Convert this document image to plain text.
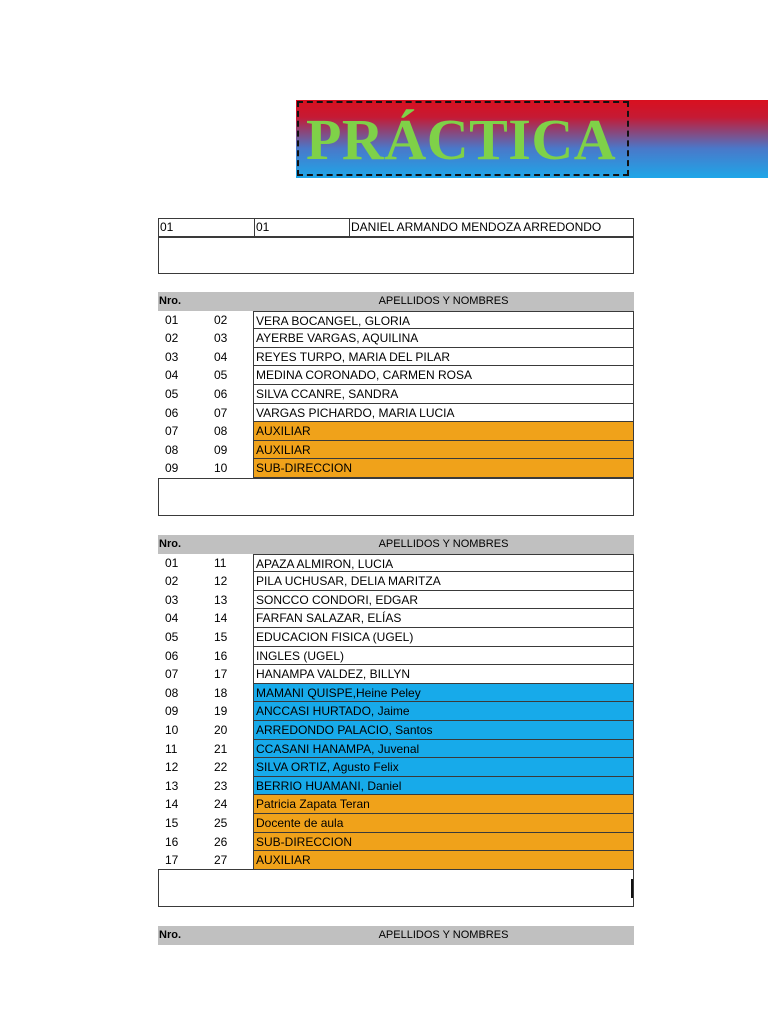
PRÁCTICA
01	01	DANIEL ARMANDO MENDOZA ARREDONDO
Nro.	APELLIDOS Y NOMBRES
01	02 VERA BOCANGEL, GLORIA
02	03 AYERBE VARGAS, AQUILINA
03	04 REYES TURPO, MARIA DEL PILAR
04	05 MEDINA CORONADO, CARMEN ROSA
05	06 SILVA CCANRE, SANDRA
06	07 VARGAS PICHARDO, MARIA LUCIA
07	08 AUXILIAR
08	09 AUXILIAR
09	10 SUB-DIRECCION
Nro.	APELLIDOS Y NOMBRES
01	11 APAZA ALMIRON, LUCIA
02	12 PILA UCHUSAR, DELIA MARITZA
03	13 SONCCO CONDORI, EDGAR
04	14 FARFAN SALAZAR, ELÍAS
05	15 EDUCACION FISICA (UGEL)
06	16 INGLES (UGEL)
07	17 HANAMPA VALDEZ, BILLYN
08	18 MAMANI QUISPE,Heine Peley
09	19 ANCCASI HURTADO, Jaime
10	20 ARREDONDO PALACIO, Santos
11	21 CCASANI HANAMPA, Juvenal
12	22 SILVA ORTIZ, Agusto Felix
13	23 BERRIO HUAMANI, Daniel
14	24 Patricia Zapata Teran
15	25 Docente de aula
16	26 SUB-DIRECCION
17	27 AUXILIAR
Nro.	APELLIDOS Y NOMBRES
